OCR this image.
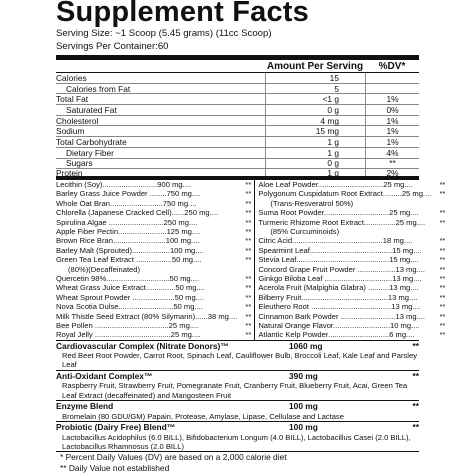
Supplement Facts
Serving Size: ~1 Scoop (5.45 grams) (11cc Scoop)
Servings Per Container:60
Amount Per Serving	%DV*
Calories	15
Calories from Fat	5
Total Fat	<1 g	1%
Saturated Fat	0 g	0%
Cholesterol	4 mg	1%
Sodium	15 mg	1%
Total Carbohydrate	1 g	1%
Dietary Fiber	1 g	4%
Sugars	0 g	**
Protein	1 g	2%
Lecithin (Soy)..........................900 mg....	**
Barley Grass Juice Powder ........750 mg....	**
Whole Oat Bran.........................750 mg....	**
Chlorella (Japanese Cracked Cell)......250 mg....	**
Spirulina Algae ..........................250 mg....	**
Apple Fiber Pectin.......................125 mg....	**
Brown Rice Bran.........................100 mg....	**
Barley Malt (Sprouted)..................100 mg....	**
Green Tea Leaf Extract .................50 mg....	**
(80%)(Decaffeinated)
Quercetin 98%..............................50 mg....	**
Wheat Grass Juice Extract..............50 mg....	**
Wheat Sprout Powder ....................50 mg....	**
Nova Scotia Dulse..........................50 mg....	**
Milk Thistle Seed Extract (80% Silymarin)......38 mg....	**
Bee Pollen ...................................25 mg....	**
Royal Jelly ....................................25 mg....	**
Aloe Leaf Powder...............................25 mg....	**
Polygonum Cuspidatum Root Extract.........25 mg....	**
(Trans-Resveratrol 50%)
Suma Root Powder...............................25 mg....	**
Turmeric Rhizome Root Extract...............25 mg....	**
(85% Curcuminoids)
Citric Acid...........................................18 mg....	**
Spearmint Leaf.......................................15 mg....	**
Stevia Leaf............................................15 mg....	**
Concord Grape Fruit Powder ..................13 mg....	**
Ginkgo Biloba Leaf ................................13 mg....	**
Acerola Fruit (Malpighia Glabra) ..........13 mg....	**
Bilberry Fruit.........................................13 mg....	**
Eleuthero Root ......................................13 mg....	**
Cinnamon Bark Powder ..........................13 mg....	**
Natural Orange Flavor...........................10 mg....	**
Atlantic Kelp Powder.............................6 mg....	**
Cardiovascular Complex (Nitrate Donors)™	1060 mg	**
Red Beet Root Powder, Carrot Root, Spinach Leaf, Cauliflower Bulb, Broccoli Leaf, Kale Leaf and Parsley Leaf
Anti-Oxidant Complex™	390 mg	**
Raspberry Fruit, Strawberry Fruit, Pomegranate Fruit, Cranberry Fruit, Blueberry Fruit, Acai, Green Tea Leaf Extract (decaffeinated) and Mangosteen Fruit
Enzyme Blend	100 mg	**
Bromelain (80 GDU/GM) Papain, Protease, Amylase, Lipase, Cellulase and Lactase
Probiotic (Dairy Free) Blend™	100 mg	**
Lactobacillus Acidophilus (6.0 BILL), Bifidobacterium Longum (4.0 BILL), Lactobacillus Casei (2.0 BILL), Lactobacillus Rhamnosus (2.0 BILL)
* Percent Daily Values (DV) are based on a 2,000 calorie diet
** Daily Value not established
